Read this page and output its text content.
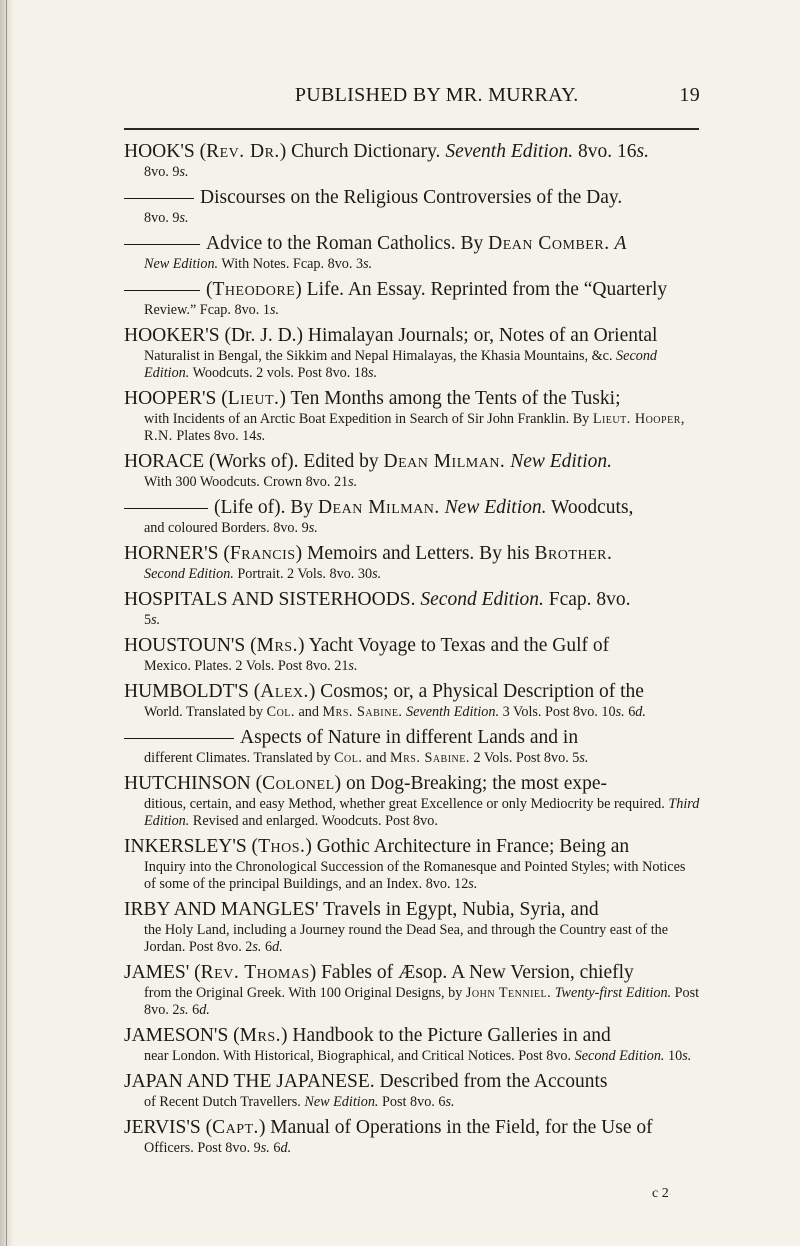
PUBLISHED BY MR. MURRAY.	19
HOOK'S (Rev. Dr.) Church Dictionary. Seventh Edition. 8vo. 16s.
8vo. 9s.
Discourses on the Religious Controversies of the Day.
8vo. 9s.
Advice to the Roman Catholics. By Dean Comber. A
New Edition. With Notes. Fcap. 8vo. 3s.
(Theodore) Life. An Essay. Reprinted from the “Quarterly
Review.” Fcap. 8vo. 1s.
HOOKER'S (Dr. J. D.) Himalayan Journals; or, Notes of an Oriental
Naturalist in Bengal, the Sikkim and Nepal Himalayas, the Khasia Mountains, &c. Second Edition. Woodcuts. 2 vols. Post 8vo. 18s.
HOOPER'S (Lieut.) Ten Months among the Tents of the Tuski;
with Incidents of an Arctic Boat Expedition in Search of Sir John Franklin. By Lieut. Hooper, R.N. Plates 8vo. 14s.
HORACE (Works of). Edited by Dean Milman. New Edition.
With 300 Woodcuts. Crown 8vo. 21s.
(Life of). By Dean Milman. New Edition. Woodcuts,
and coloured Borders. 8vo. 9s.
HORNER'S (Francis) Memoirs and Letters. By his Brother.
Second Edition. Portrait. 2 Vols. 8vo. 30s.
HOSPITALS AND SISTERHOODS. Second Edition. Fcap. 8vo.
5s.
HOUSTOUN'S (Mrs.) Yacht Voyage to Texas and the Gulf of
Mexico. Plates. 2 Vols. Post 8vo. 21s.
HUMBOLDT'S (Alex.) Cosmos; or, a Physical Description of the
World. Translated by Col. and Mrs. Sabine. Seventh Edition. 3 Vols. Post 8vo. 10s. 6d.
Aspects of Nature in different Lands and in
different Climates. Translated by Col. and Mrs. Sabine. 2 Vols. Post 8vo. 5s.
HUTCHINSON (Colonel) on Dog-Breaking; the most expe-
ditious, certain, and easy Method, whether great Excellence or only Mediocrity be required. Third Edition. Revised and enlarged. Woodcuts. Post 8vo.
INKERSLEY'S (Thos.) Gothic Architecture in France; Being an
Inquiry into the Chronological Succession of the Romanesque and Pointed Styles; with Notices of some of the principal Buildings, and an Index. 8vo. 12s.
IRBY AND MANGLES' Travels in Egypt, Nubia, Syria, and
the Holy Land, including a Journey round the Dead Sea, and through the Country east of the Jordan. Post 8vo. 2s. 6d.
JAMES' (Rev. Thomas) Fables of Æsop. A New Version, chiefly
from the Original Greek. With 100 Original Designs, by John Tenniel. Twenty-first Edition. Post 8vo. 2s. 6d.
JAMESON'S (Mrs.) Handbook to the Picture Galleries in and
near London. With Historical, Biographical, and Critical Notices. Post 8vo. Second Edition. 10s.
JAPAN AND THE JAPANESE. Described from the Accounts
of Recent Dutch Travellers. New Edition. Post 8vo. 6s.
JERVIS'S (Capt.) Manual of Operations in the Field, for the Use of
Officers. Post 8vo. 9s. 6d.
c 2
